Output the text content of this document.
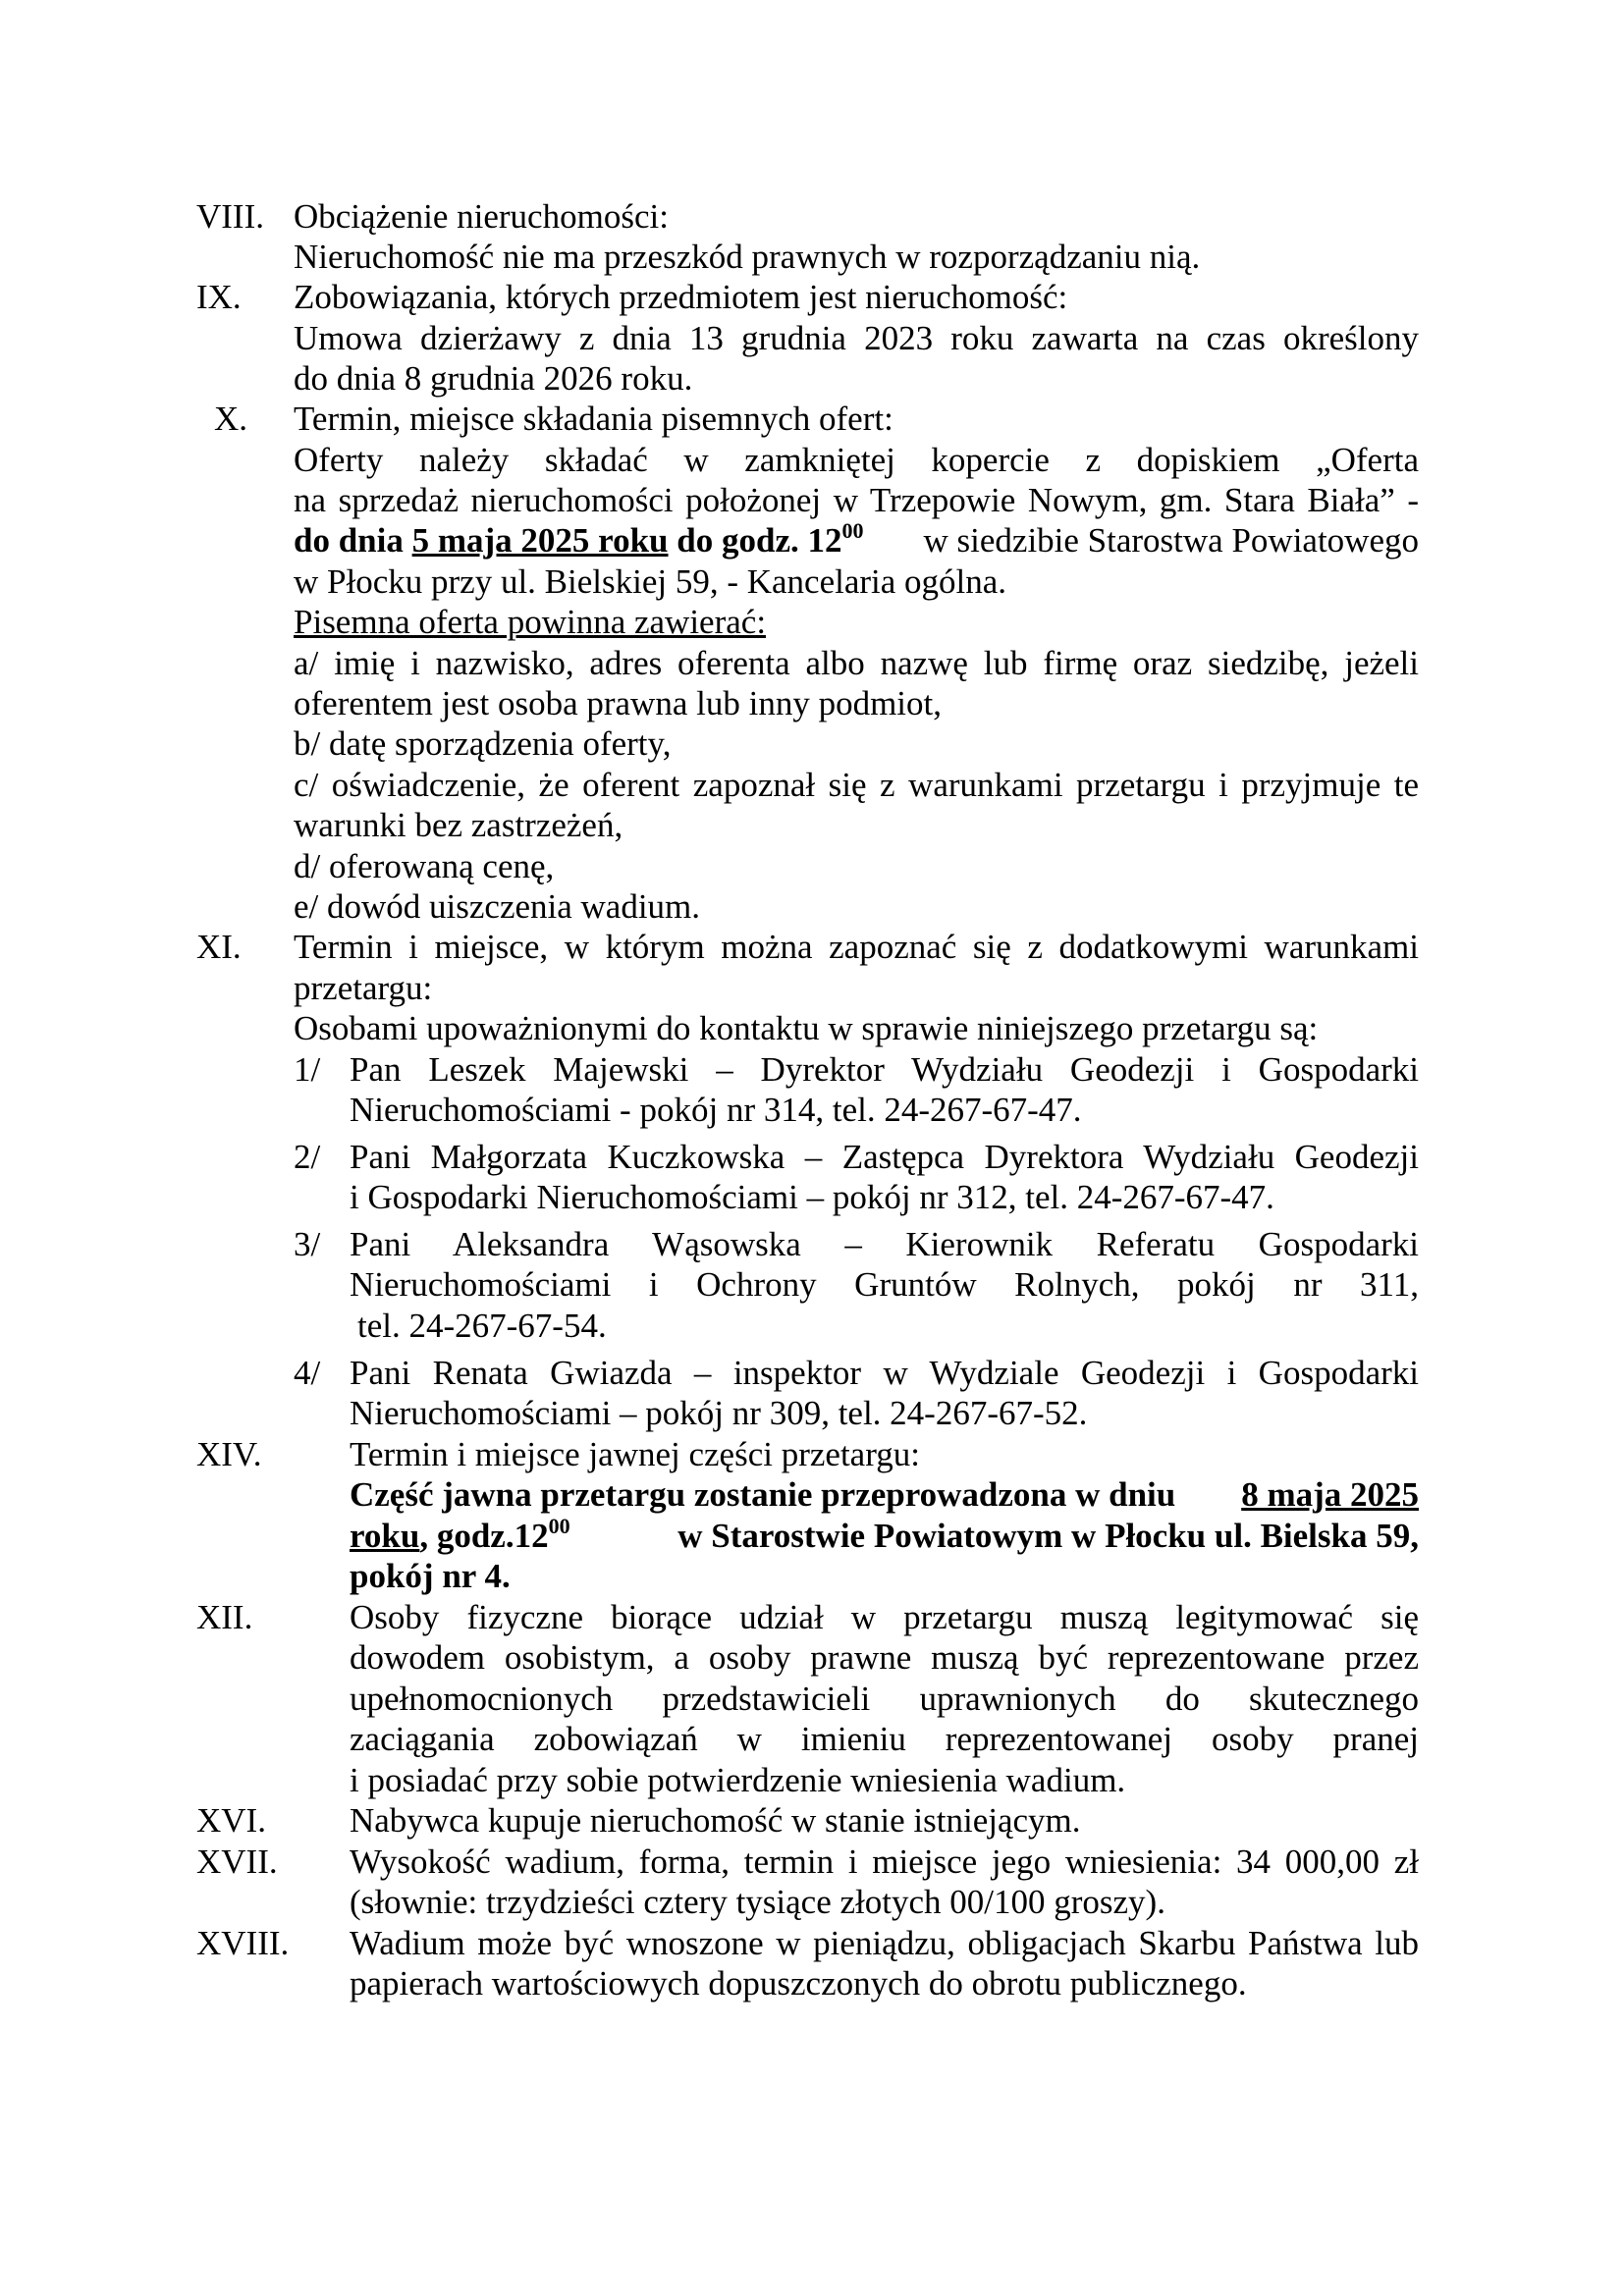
VIII. Obciążenie nieruchomości:
Nieruchomość nie ma przeszkód prawnych w rozporządzaniu nią.
IX. Zobowiązania, których przedmiotem jest nieruchomość:
Umowa dzierżawy z dnia 13 grudnia 2023 roku zawarta na czas określony
do dnia 8 grudnia 2026 roku.
X. Termin, miejsce składania pisemnych ofert:
Oferty należy składać w zamkniętej kopercie z dopiskiem „Oferta
na sprzedaż nieruchomości położonej w Trzepowie Nowym, gm. Stara Biała” -
do dnia 5 maja 2025 roku do godz. $12^{00}$ w siedzibie Starostwa Powiatowego
w Płocku przy ul. Bielskiej 59, - Kancelaria ogólna.
Pisemna oferta powinna zawierać:
a/ imię i nazwisko, adres oferenta albo nazwę lub firmę oraz siedzibę, jeżeli
oferentem jest osoba prawna lub inny podmiot,
b/ datę sporządzenia oferty,
c/ oświadczenie, że oferent zapoznał się z warunkami przetargu i przyjmuje te
warunki bez zastrzeżeń,
d/ oferowaną cenę,
e/ dowód uiszczenia wadium.
XI. Termin i miejsce, w którym można zapoznać się z dodatkowymi warunkami
przetargu:
Osobami upoważnionymi do kontaktu w sprawie niniejszego przetargu są:
1/ Pan Leszek Majewski – Dyrektor Wydziału Geodezji i Gospodarki
Nieruchomościami - pokój nr 314, tel. 24-267-67-47.
2/ Pani Małgorzata Kuczkowska – Zastępca Dyrektora Wydziału Geodezji
i Gospodarki Nieruchomościami – pokój nr 312, tel. 24-267-67-47.
3/ Pani Aleksandra Wąsowska – Kierownik Referatu Gospodarki
Nieruchomościami i Ochrony Gruntów Rolnych, pokój nr 311,
tel. 24-267-67-54.
4/ Pani Renata Gwiazda – inspektor w Wydziale Geodezji i Gospodarki
Nieruchomościami – pokój nr 309, tel. 24-267-67-52.
XIV.	Termin i miejsce jawnej części przetargu:
Część jawna przetargu zostanie przeprowadzona w dniu 8 maja 2025
roku, $godz.12^{00}$	w Starostwie Powiatowym w Płocku ul. Bielska 59,
pokój nr 4.
XII.	Osoby fizyczne biorące udział w przetargu muszą legitymować się
dowodem osobistym, a osoby prawne muszą być reprezentowane przez
upełnomocnionych przedstawicieli uprawnionych do skutecznego
zaciągania zobowiązań w imieniu reprezentowanej osoby pranej
i posiadać przy sobie potwierdzenie wniesienia wadium.
XVI. Nabywca kupuje nieruchomość w stanie istniejącym.
XVII. Wysokość wadium, forma, termin i miejsce jego wniesienia: 34 000,00 zł
(słownie: trzydzieści cztery tysiące złotych 00/100 groszy).
XVIII. Wadium może być wnoszone w pieniądzu, obligacjach Skarbu Państwa lub
papierach wartościowych dopuszczonych do obrotu publicznego.
